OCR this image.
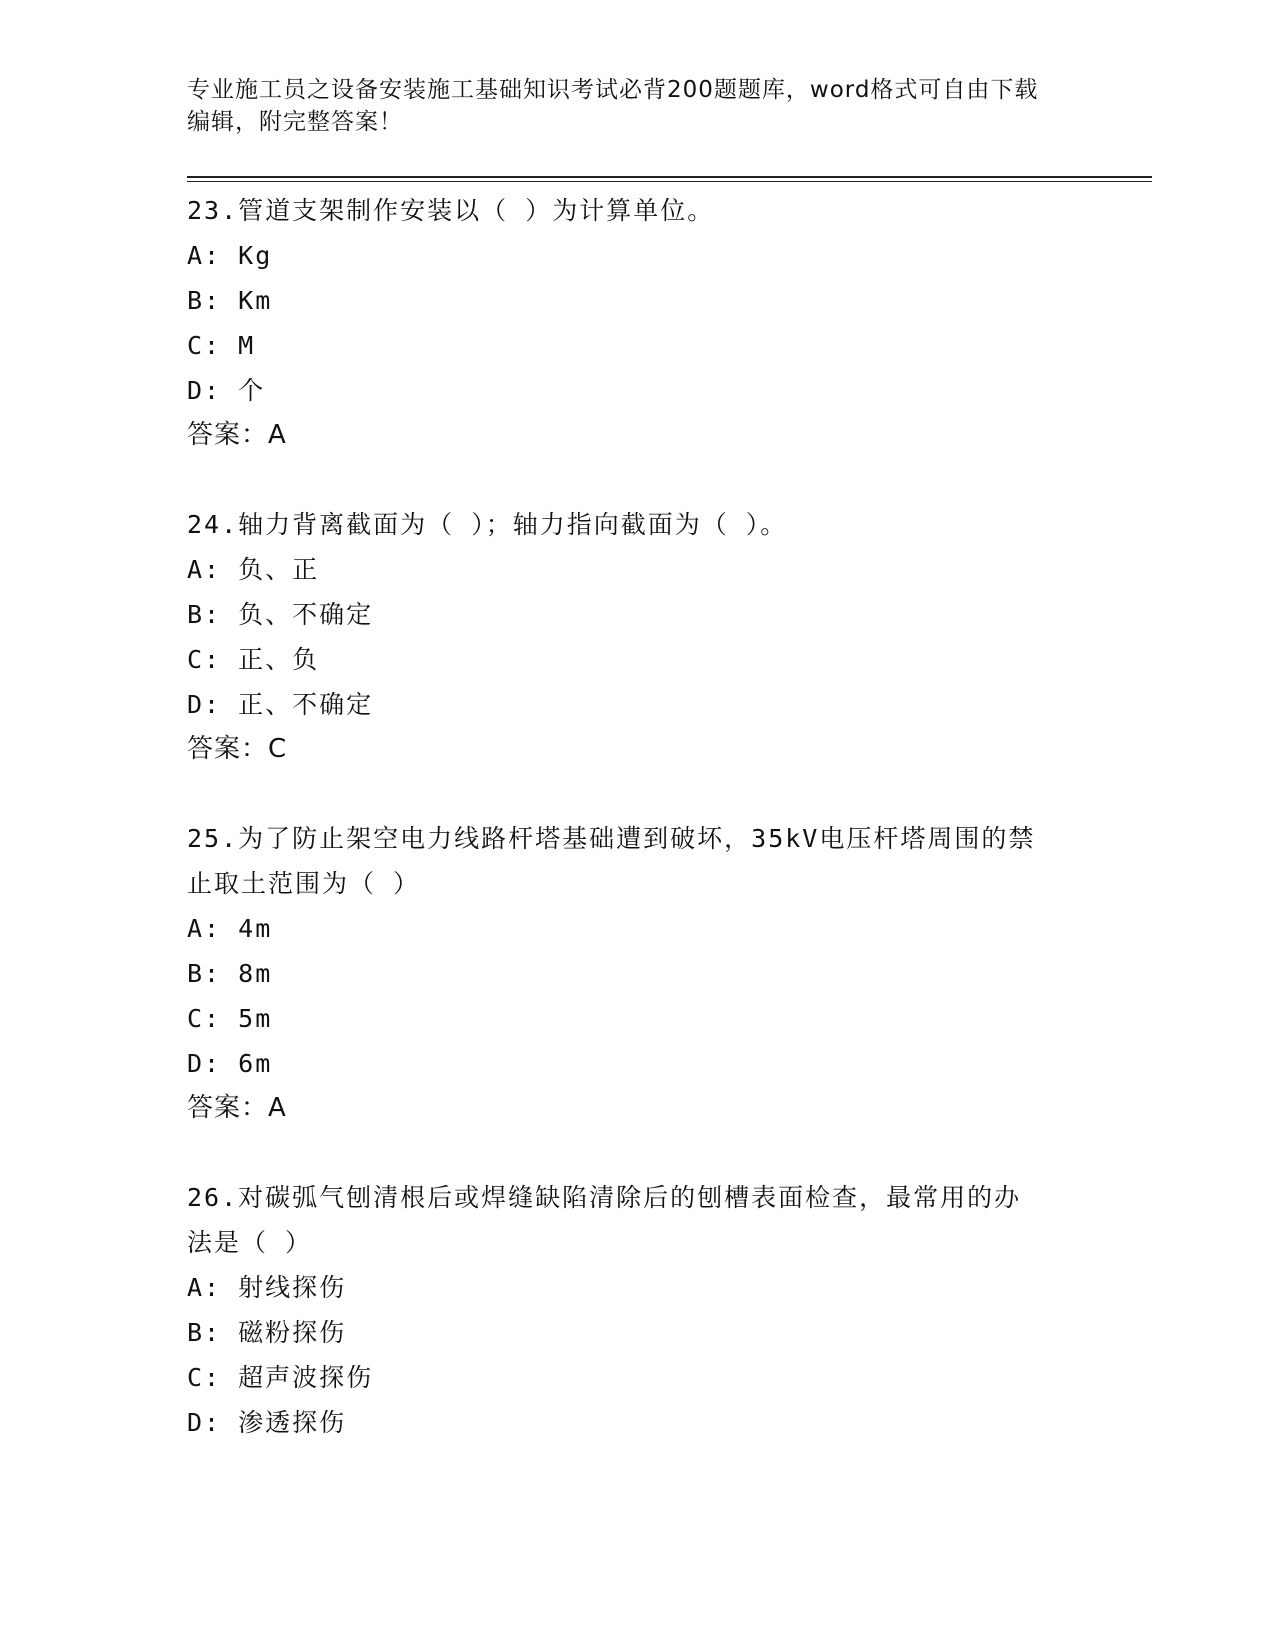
专业施工员之设备安装施工基础知识考试必背200题题库，word格式可自由下载
编辑，附完整答案！

23.管道支架制作安装以（ ）为计算单位。

A: Kg

B: Km

C: M

D: 个

答案：A

24.轴力背离截面为（ ）；轴力指向截面为（ ）。

A: 负、正

B: 负、不确定

C: 正、负

D: 正、不确定

答案：C

25.为了防止架空电力线路杆塔基础遭到破坏，35kV电压杆塔周围的禁

止取土范围为（ ）

A: 4m

B: 8m

C: 5m

D: 6m

答案：A

26.对碳弧气刨清根后或焊缝缺陷清除后的刨槽表面检查，最常用的办

法是（ ）

A: 射线探伤

B: 磁粉探伤

C: 超声波探伤

D: 渗透探伤
